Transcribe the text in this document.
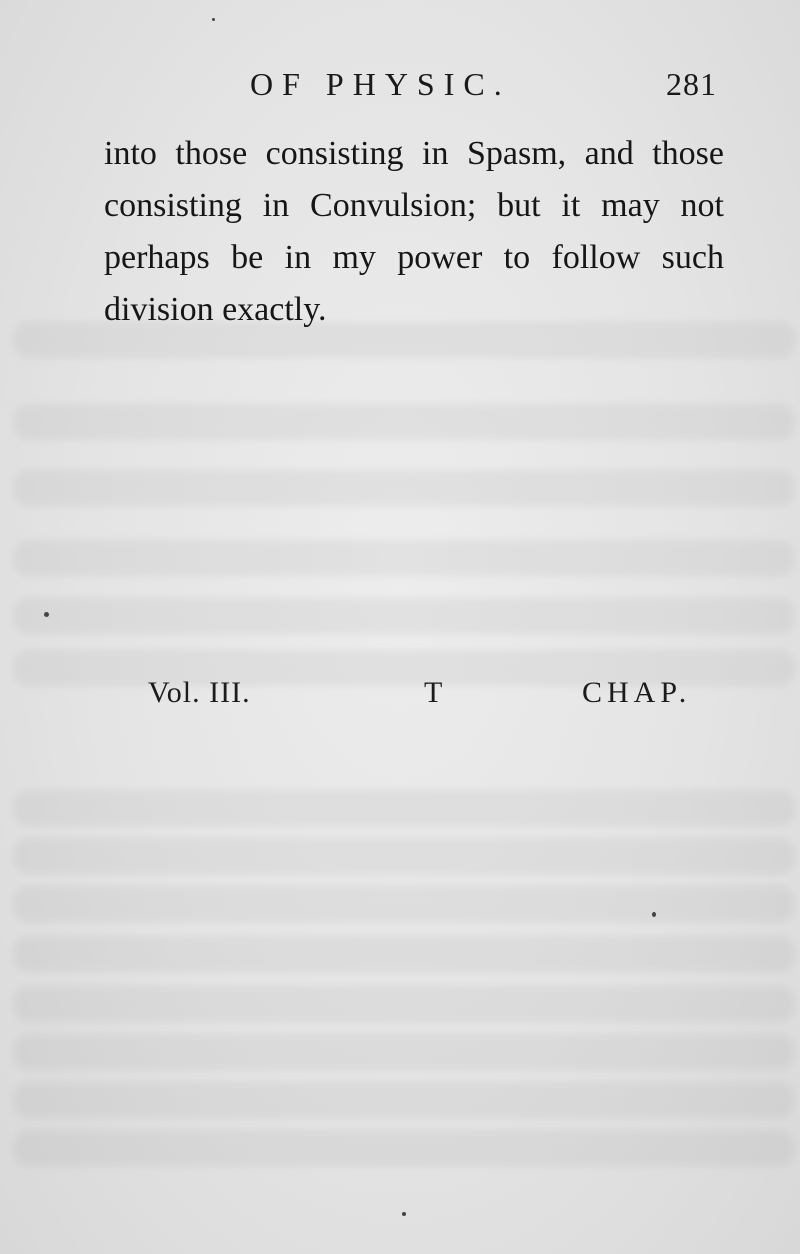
OF PHYSIC.	281
into those consisting in Spasm, and those
consisting in Convulsion; but it may not
perhaps be in my power to follow such
division exactly.
Vol. III.	T	CHAP.
